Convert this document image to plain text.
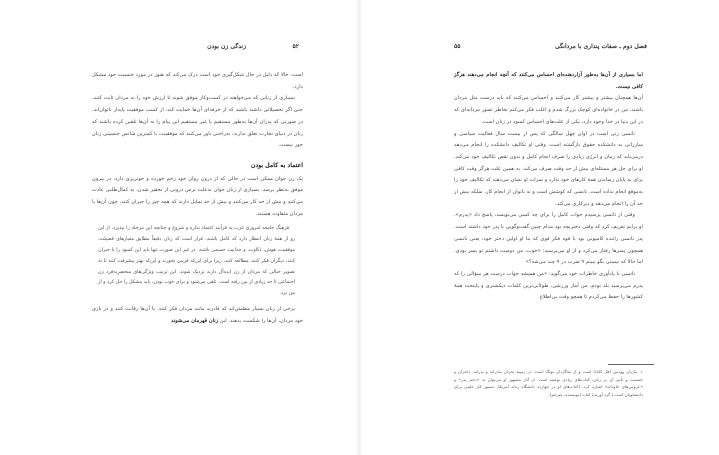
۵۲
زندگی زن بودن

است. حالا که دلیل در حال شکل‌گیری خود است درک می‌کند که هنوز در مورد جنسیت خود مشکل دارد.

بسیاری از زنانی که می‌خواهند در کسب‌وکار موفق شوند تا ارزش خود را به مردان ثابت کنند، حتی اگر تحصیلاتی داشته باشند که از حرفه‌ای آن‌ها حمایت کند، از کسب موفقیت پایدار ناتوان‌اند. در صورتی که پدران آن‌ها به‌طور مستقیم یا غیر مستقیم این پیام را به آن‌ها تلقین کرده باشند که زنان در دنیای تجارت تعلق ندارند، به‌راحتی باور می‌کنند که موفقیت، با کمترین شانس جنسیتی زنان جور نیست.

اعتماد به کامل بودن

یک زن جوان ممکن است در حالی که از درون روان خود زخم خورده و خونریزی دارد، در بیرون موفق به‌نظر برسد. بسیاری از زنان جوان به‌علت ترس درونی از تحقیر شدن، به کمال‌طلبی عادت می‌کنند و بیش از حد کار می‌کنند و بیش از حد تمایل دارند که همه چیز را جبران کنند. چون آن‌ها با مردان متفاوت هستند.

فرهنگ جامعه امروزی غرب به فرآیند اعتماد نداره و شروع و چنانچه این مرحله را نپذیرد، از این رو از همهٔ زنان انتظار دارد که کامل باشند. قرار است که زنان دقیقاً مطابق معیارهای فضیلت، موفقیت، هوش، ذکاوت، و جذابیت جسمی باشند. در غیر این صورت تنها باید این کمبود را با جبران کنند، دیگران فکر کنند، مطالعه کنند، زیرا برای این‌که فریبی نخورند و این‌که بهتر پیشرفت کنند تا به تصویر خیالی که مردان از زن ایده‌آل دارند نزدیک شوند. این ترتیب ویژگی‌های منحصربه‌فرد زن اجتماعی تا حد زیادی از بین رفته است. تلقی می‌شود و برای خوب بودن، باید مشکل را حل کرد و از بین برد.

برخی از زنان بسیار مطمئن‌اند که قادرند مانند مردان فکر کنند. با آن‌ها رقابت کنند و در بازی خود مردان، آن‌ها را شکست بدهند. این زنان قهرمان می‌شوند

فصل دوم ـ صفات پنداری با مردانگی
۵۵

اما بسیاری از آن‌ها به‌طور آزاردهنده‌ای احساس می‌کنند که آنچه انجام می‌دهند هرگز کافی نیست.

آن‌ها همچنان بیشتر و بیشتر کار می‌کنند و احساس می‌کنند که باید درست مثل مردان باشند. من در خانواده‌ای کوچک بزرگ شدم و اغلب فکر می‌کنم بخاطر تصور مردانه‌ای که در این دنیا در خدا وجود دارد، یکی از علت‌های احساس کمبود در زنان است.

تانسی زنی است در اوان چهل سالگی که پس از بیست سال فعالیت سیاسی و مبارزاتی به دانشکده حقوق بازگشته است. وقتی او تکالیف دانشکده را انجام می‌دهد درمی‌یابد که زمان و انرژی زیادی را صرف انجام کامل و بدون نقص تکالیف خود می‌کند. او برای حل هر مسئله‌ای بیش از حد وقت صرف می‌کند. به همین علت هرگز وقت کافی برای به پایان رساندن همهٔ کارهای خود ندارد و نمرات او نشان می‌دهند که تکالیف خود را به‌موقع انجام نداده است. تانسی که کوشش است و نه ناتوان از انجام کار، سلکه بیش از حد آن را انجام می‌دهد و دیرکاری می‌کند.

وقتی از تانسی پرسیدم جواب کامل را برای چه کسی می‌نویسد، پاسخ داد «پدرم». او برایم تعریف کرد که وقتی دختربچه بود مدام چنین گفت‌وگویی با پدر خود داشته است. پدر تانسی راننده کامیونی بود با قوه فکر قوی که بنا او اولین دختر خود، یعنی تانسی همچون پسرها رفتار می‌کرد و از او می‌پرسید: «خوب، من دوست داشتم تو پسر بودی. اما حالا که نیستی بگو ببینم ۹ ضرب در ۹ چند می‌شه؟»

تانسی با یادآوری خاطرات خود می‌گوید: «من همیشه جواب درست هر سؤالی را که پدرم می‌پرسید بلد بودم. من آمار ورزشی، طولانی‌ترین کلمات دیکشنری و پایتخت همهٔ کشورها را حفظ می‌کردم تا همچو وقت بی‌اطلاع

۱. ماریان وودمن اهل کانادا است و از شاگردان یونگ است. در زمینهٔ بحران مادرانه و پدرانه، دختران و جنسیت و تأثیر آن بر زنان، کتاب‌های زیادی نوشته است. از آثار مشهور او می‌توان به «دختر پدر» و «عروس‌های جاودانه» اشاره کرد. (کتاب‌های او در چهارده دانشگاه زنانه آمریکا، دستور کار علمی برای دانشجویان است.) گرد آورندهٔ کتاب (نویسنده، مترجم).
